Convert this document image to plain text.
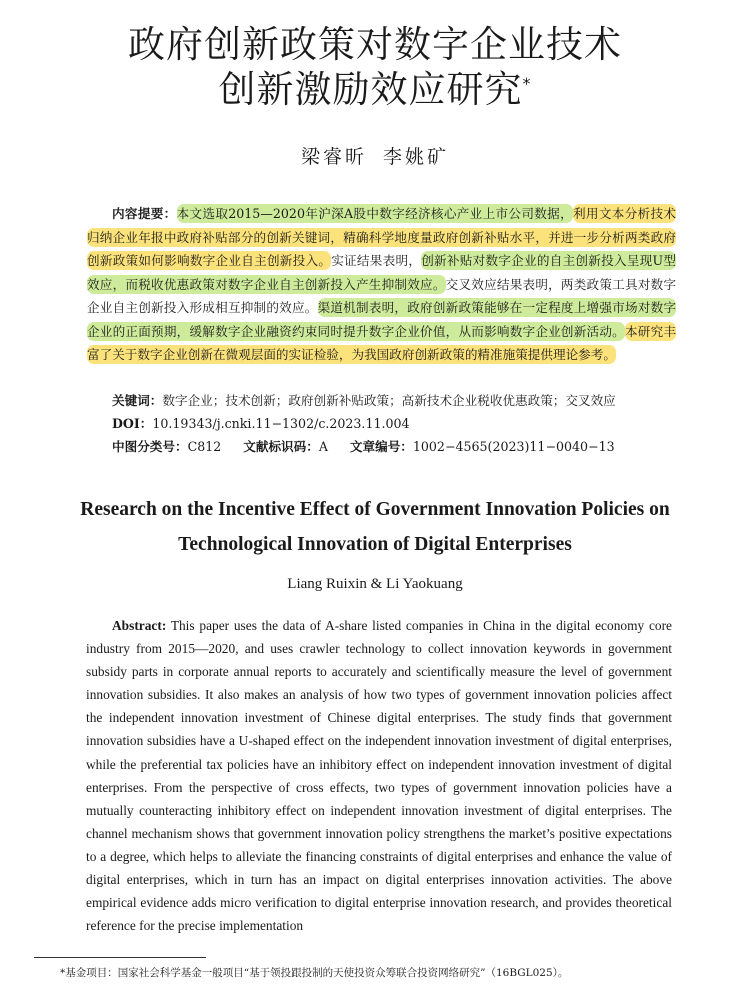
政府创新政策对数字企业技术
创新激励效应研究*
梁睿昕 李姚矿
内容提要：本文选取2015—2020年沪深A股中数字经济核心产业上市公司数据，利用文本分析技术归纳企业年报中政府补贴部分的创新关键词，精确科学地度量政府创新补贴水平，并进一步分析两类政府创新政策如何影响数字企业自主创新投入。实证结果表明，创新补贴对数字企业的自主创新投入呈现U型效应，而税收优惠政策对数字企业自主创新投入产生抑制效应。交叉效应结果表明，两类政策工具对数字企业自主创新投入形成相互抑制的效应。渠道机制表明，政府创新政策能够在一定程度上增强市场对数字企业的正面预期，缓解数字企业融资约束同时提升数字企业价值，从而影响数字企业创新活动。本研究丰富了关于数字企业创新在微观层面的实证检验，为我国政府创新政策的精准施策提供理论参考。
关键词：数字企业；技术创新；政府创新补贴政策；高新技术企业税收优惠政策；交叉效应
DOI：10.19343/j.cnki.11−1302/c.2023.11.004
中图分类号：C812 文献标识码：A 文章编号：1002−4565(2023)11−0040−13
Research on the Incentive Effect of Government Innovation Policies on
Technological Innovation of Digital Enterprises
Liang Ruixin & Li Yaokuang
Abstract: This paper uses the data of A-share listed companies in China in the digital economy core industry from 2015—2020, and uses crawler technology to collect innovation keywords in government subsidy parts in corporate annual reports to accurately and scientifically measure the level of government innovation subsidies. It also makes an analysis of how two types of government innovation policies affect the independent innovation investment of Chinese digital enterprises. The study finds that government innovation subsidies have a U-shaped effect on the independent innovation investment of digital enterprises, while the preferential tax policies have an inhibitory effect on independent innovation investment of digital enterprises. From the perspective of cross effects, two types of government innovation policies have a mutually counteracting inhibitory effect on independent innovation investment of digital enterprises. The channel mechanism shows that government innovation policy strengthens the market’s positive expectations to a degree, which helps to alleviate the financing constraints of digital enterprises and enhance the value of digital enterprises, which in turn has an impact on digital enterprises innovation activities. The above empirical evidence adds micro verification to digital enterprise innovation research, and provides theoretical reference for the precise implementation
*基金项目：国家社会科学基金一般项目“基于领投跟投制的天使投资众筹联合投资网络研究”（16BGL025）。
